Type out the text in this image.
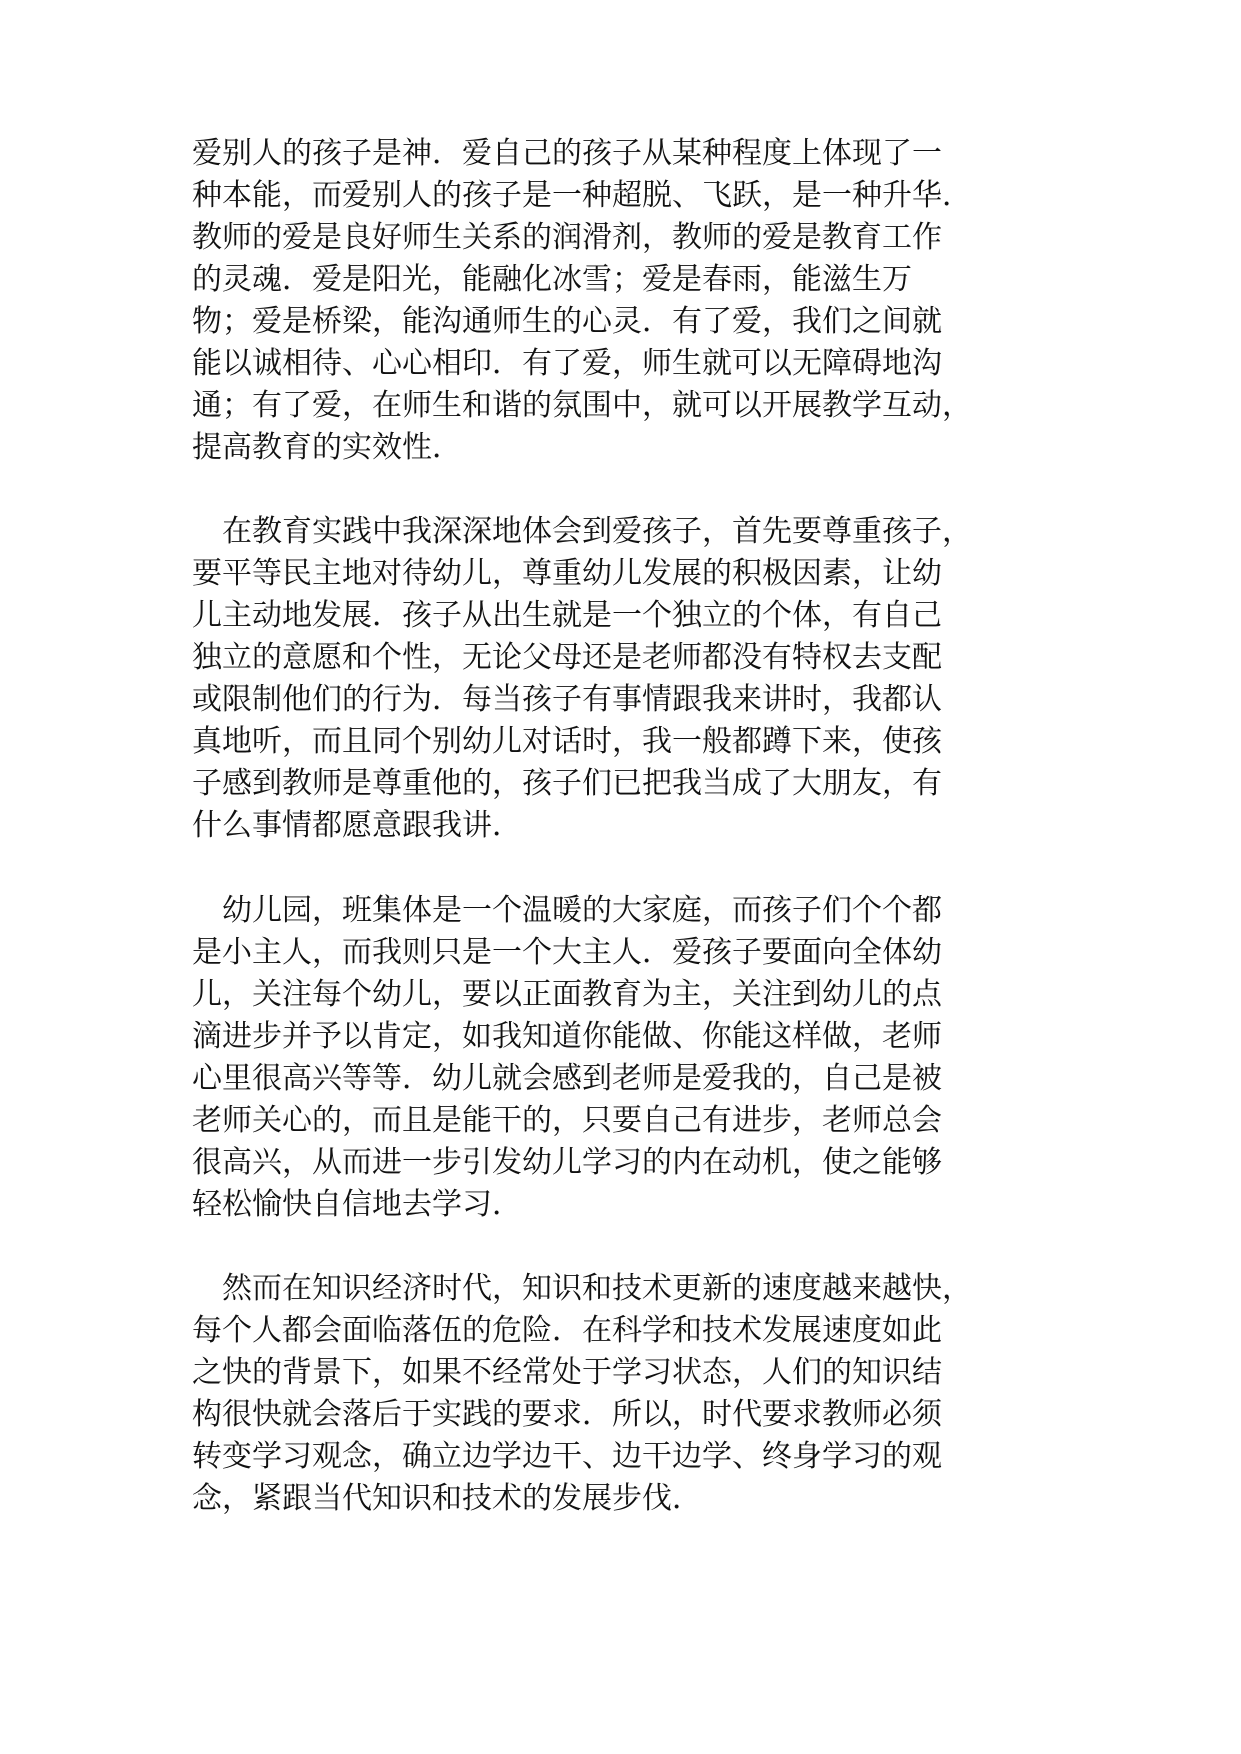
爱别人的孩子是神．爱自己的孩子从某种程度上体现了一

种本能，而爱别人的孩子是一种超脱、飞跃，是一种升华．

教师的爱是良好师生关系的润滑剂，教师的爱是教育工作

的灵魂．爱是阳光，能融化冰雪；爱是春雨，能滋生万

物；爱是桥梁，能沟通师生的心灵．有了爱，我们之间就

能以诚相待、心心相印．有了爱，师生就可以无障碍地沟

通；有了爱，在师生和谐的氛围中，就可以开展教学互动，

提高教育的实效性．

　在教育实践中我深深地体会到爱孩子，首先要尊重孩子，

要平等民主地对待幼儿，尊重幼儿发展的积极因素，让幼

儿主动地发展．孩子从出生就是一个独立的个体，有自己

独立的意愿和个性，无论父母还是老师都没有特权去支配

或限制他们的行为．每当孩子有事情跟我来讲时，我都认

真地听，而且同个别幼儿对话时，我一般都蹲下来，使孩

子感到教师是尊重他的，孩子们已把我当成了大朋友，有

什么事情都愿意跟我讲．

　幼儿园，班集体是一个温暖的大家庭，而孩子们个个都

是小主人，而我则只是一个大主人．爱孩子要面向全体幼

儿，关注每个幼儿，要以正面教育为主，关注到幼儿的点

滴进步并予以肯定，如我知道你能做、你能这样做，老师

心里很高兴等等．幼儿就会感到老师是爱我的，自己是被

老师关心的，而且是能干的，只要自己有进步，老师总会

很高兴，从而进一步引发幼儿学习的内在动机，使之能够

轻松愉快自信地去学习．

　然而在知识经济时代，知识和技术更新的速度越来越快，

每个人都会面临落伍的危险．在科学和技术发展速度如此

之快的背景下，如果不经常处于学习状态，人们的知识结

构很快就会落后于实践的要求．所以，时代要求教师必须

转变学习观念，确立边学边干、边干边学、终身学习的观

念，紧跟当代知识和技术的发展步伐．
